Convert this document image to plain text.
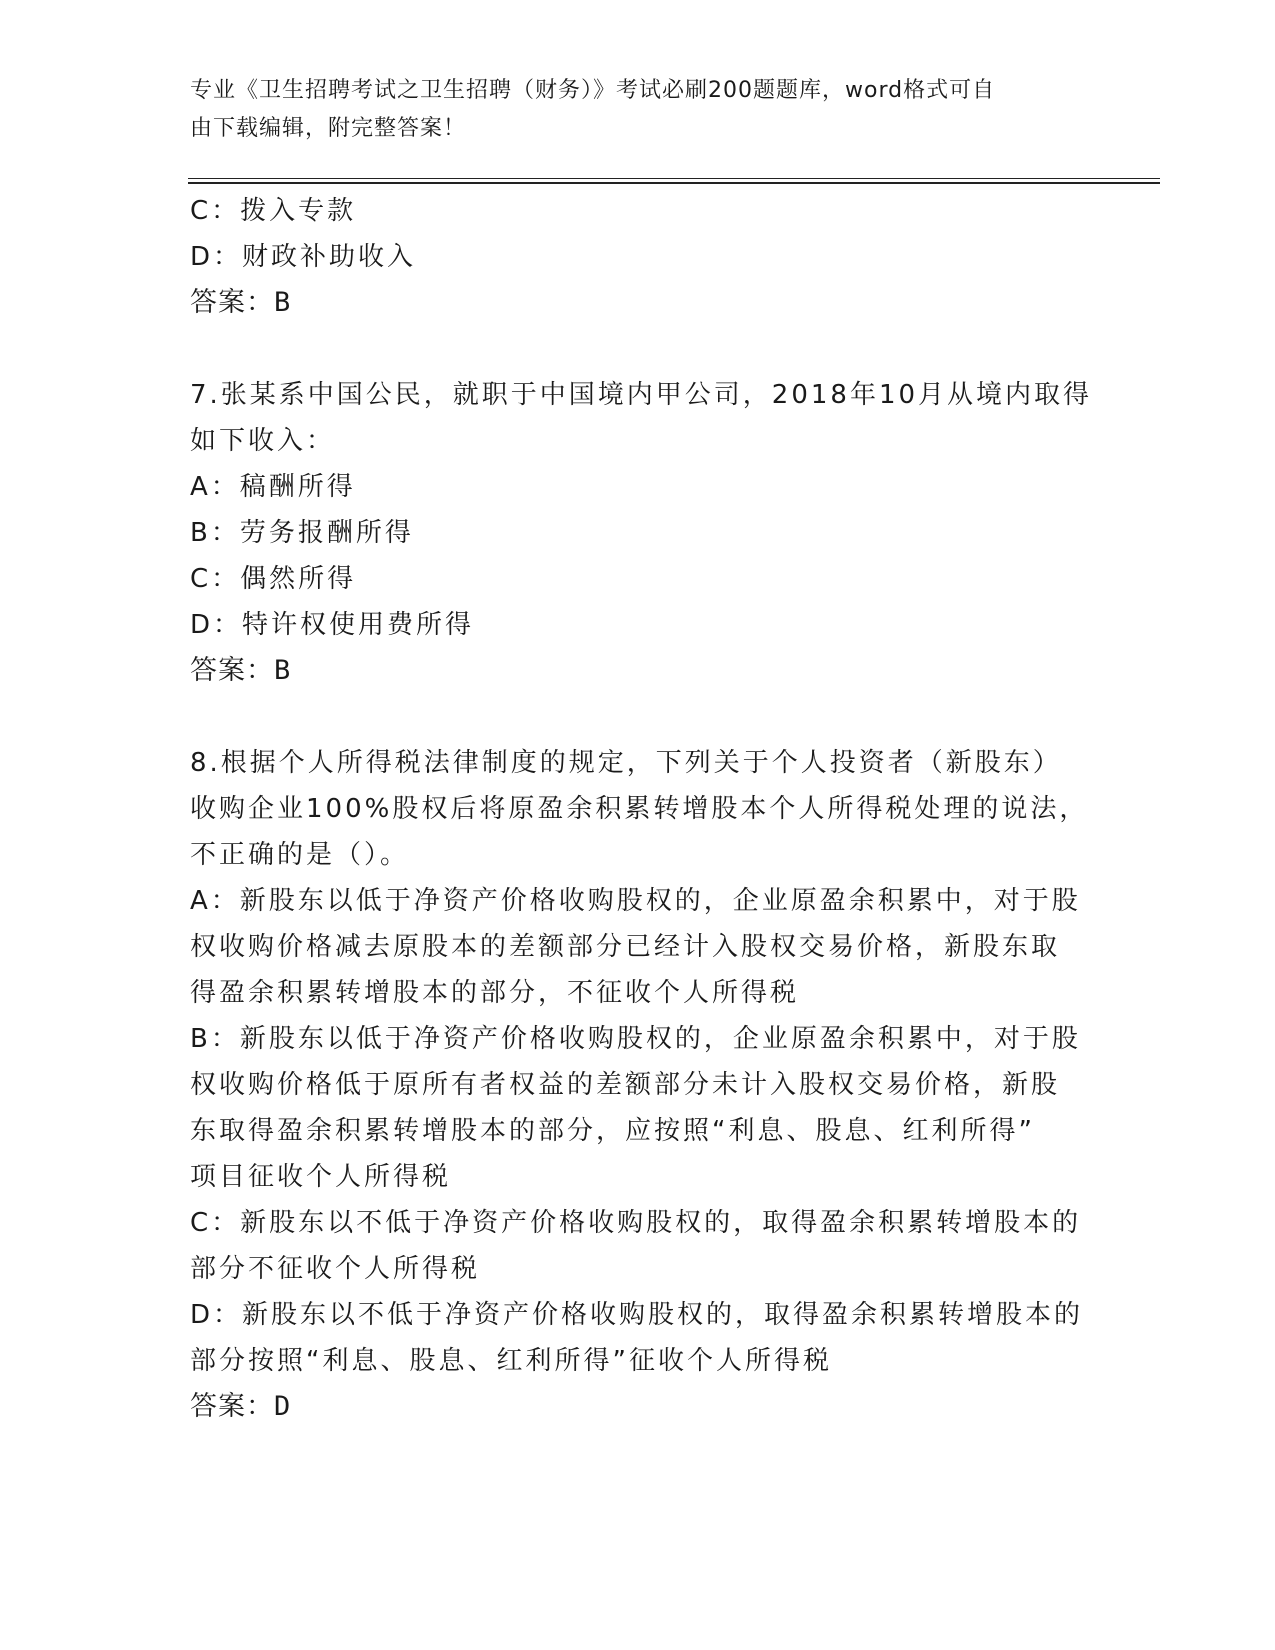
专业《卫生招聘考试之卫生招聘（财务）》考试必刷200题题库，word格式可自
由下载编辑，附完整答案！
C：拨入专款
D：财政补助收入
答案：B
7.张某系中国公民，就职于中国境内甲公司，2018年10月从境内取得
如下收入：
A：稿酬所得
B：劳务报酬所得
C：偶然所得
D：特许权使用费所得
答案：B
8.根据个人所得税法律制度的规定，下列关于个人投资者（新股东）
收购企业100%股权后将原盈余积累转增股本个人所得税处理的说法，
不正确的是（）。
A：新股东以低于净资产价格收购股权的，企业原盈余积累中，对于股
权收购价格减去原股本的差额部分已经计入股权交易价格，新股东取
得盈余积累转增股本的部分，不征收个人所得税
B：新股东以低于净资产价格收购股权的，企业原盈余积累中，对于股
权收购价格低于原所有者权益的差额部分未计入股权交易价格，新股
东取得盈余积累转增股本的部分，应按照“利息、股息、红利所得”
项目征收个人所得税
C：新股东以不低于净资产价格收购股权的，取得盈余积累转增股本的
部分不征收个人所得税
D：新股东以不低于净资产价格收购股权的，取得盈余积累转增股本的
部分按照“利息、股息、红利所得”征收个人所得税
答案：D
